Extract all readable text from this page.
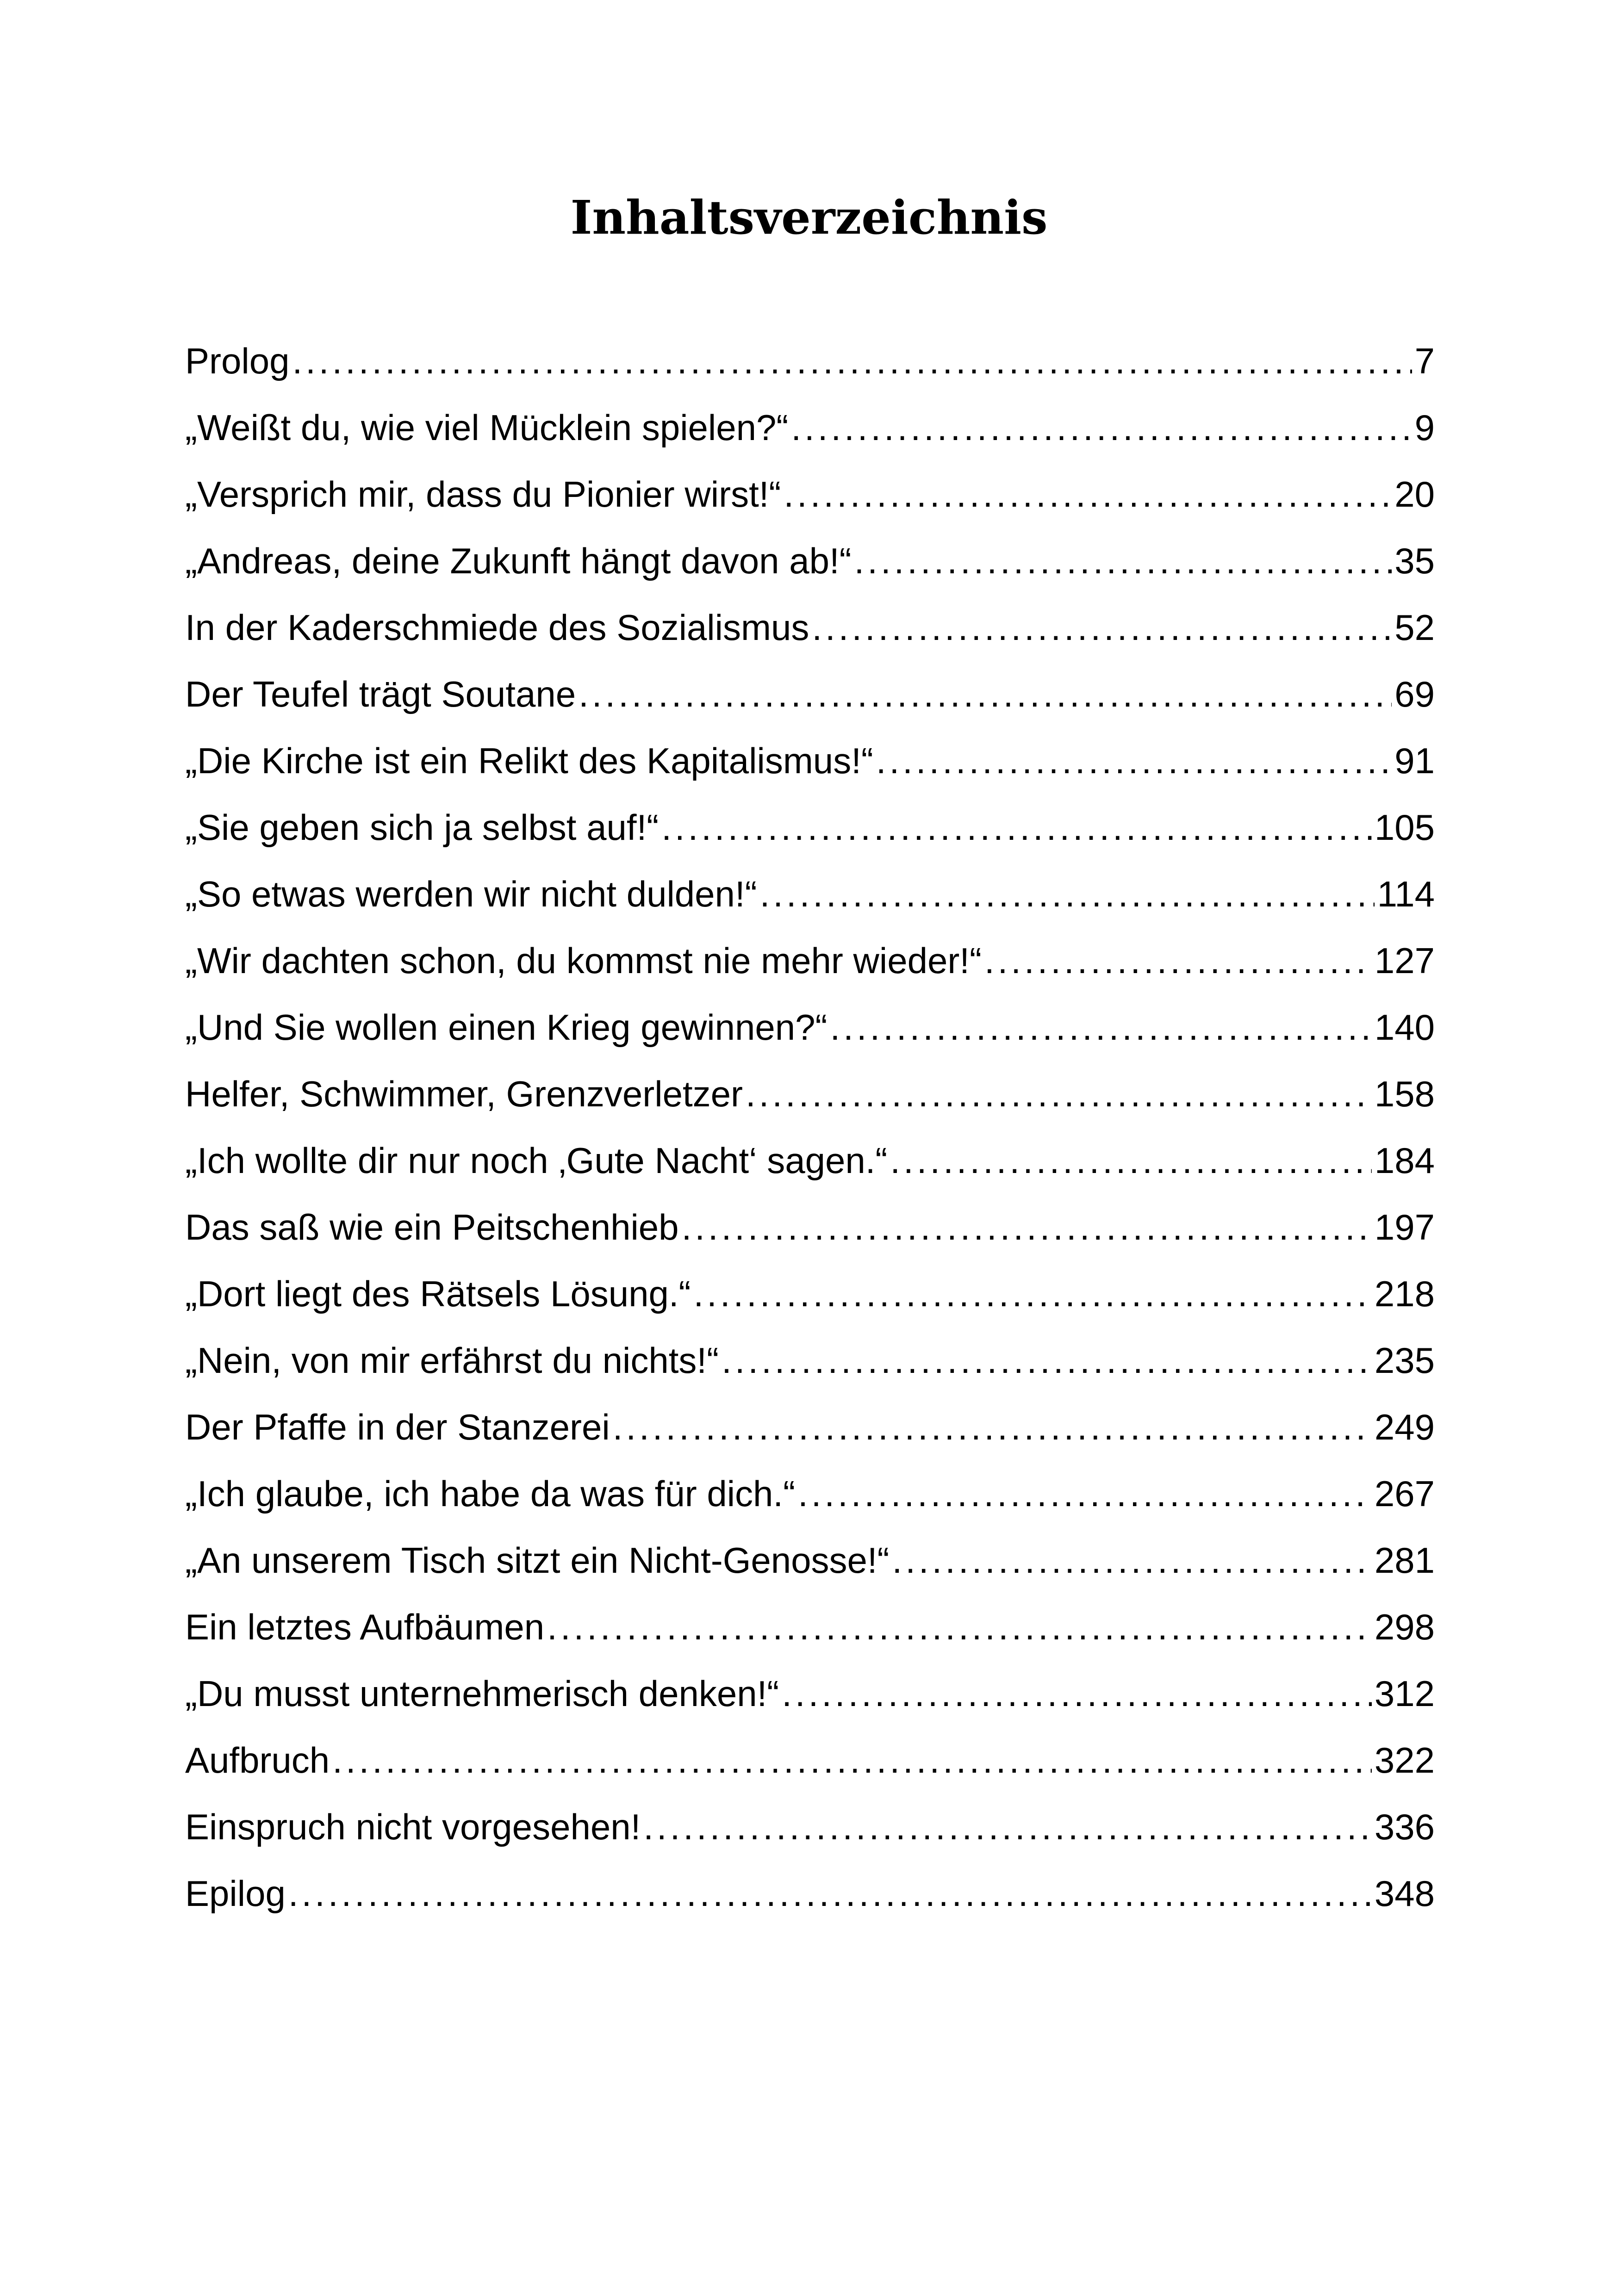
Inhaltsverzeichnis
Prolog .....	7
„Weißt du, wie viel Mücklein spielen?“ .....	9
„Versprich mir, dass du Pionier wirst!“ .....	20
„Andreas, deine Zukunft hängt davon ab!“ .....	35
In der Kaderschmiede des Sozialismus .....	52
Der Teufel trägt Soutane .....	69
„Die Kirche ist ein Relikt des Kapitalismus!“ .....	91
„Sie geben sich ja selbst auf!“ .....	105
„So etwas werden wir nicht dulden!“ .....	114
„Wir dachten schon, du kommst nie mehr wieder!“ .....	127
„Und Sie wollen einen Krieg gewinnen?“ .....	140
Helfer, Schwimmer, Grenzverletzer .....	158
„Ich wollte dir nur noch ‚Gute Nacht‘ sagen.“ .....	184
Das saß wie ein Peitschenhieb .....	197
„Dort liegt des Rätsels Lösung.“ .....	218
„Nein, von mir erfährst du nichts!“ .....	235
Der Pfaffe in der Stanzerei .....	249
„Ich glaube, ich habe da was für dich.“ .....	267
„An unserem Tisch sitzt ein Nicht-Genosse!“ .....	281
Ein letztes Aufbäumen .....	298
„Du musst unternehmerisch denken!“ .....	312
Aufbruch .....	322
Einspruch nicht vorgesehen! .....	336
Epilog .....	348
